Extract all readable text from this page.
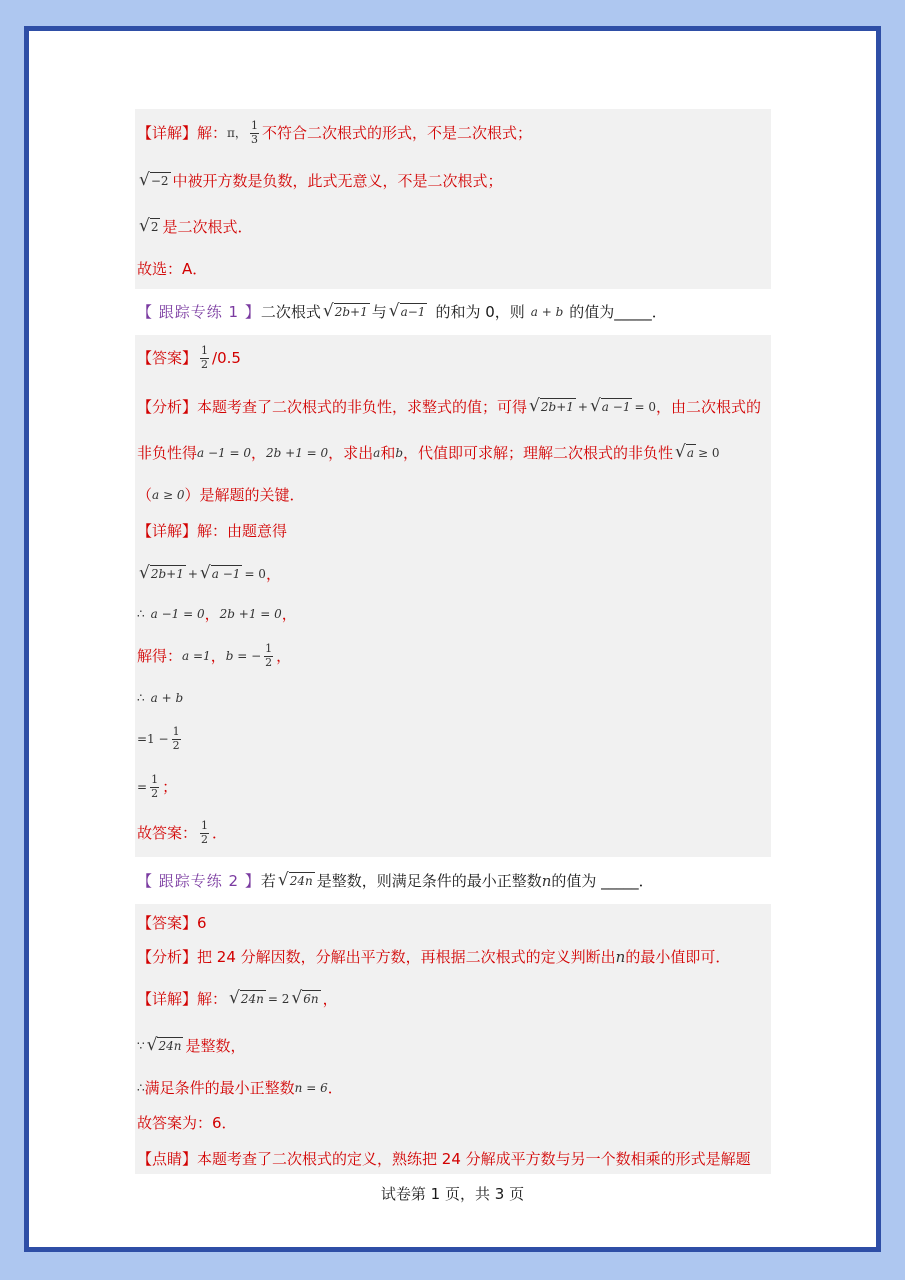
【详解】 解： π ， $\frac{1}{3}$ 不符合二次根式的形式，不是二次根式；
√ −2 中被开方数是负数，此式无意义，不是二次根式；
√ 2 是二次根式．
故选：A．
【 跟踪专练 1 】 二次根式 √ 2b+1 与 √ a−1 的和为 0，则 a + b 的值为_____．
【答案】 $\frac{1}{2} /0.5$
【分析】 本题考查了二次根式的非负性，求整式的值；可得 √ 2b+1 + √ a −1 = 0 ，由二次根式的
非负性得 a −1 = 0 ， 2b +1 = 0 ，求出 a 和 b ，代值即可求解；理解二次根式的非负性 √ a ≥ 0
（ a ≥ 0 ）是解题的关键．
【详解】 解：由题意得
√ 2b+1 + √ a −1 = 0 ，
∴ a −1 = 0 ， 2b +1 = 0 ，
解得： a =1 ， b = − $\frac{1}{2}$ ，
∴ a + b
$=1 - \frac{1}{2}$
= $\frac{1}{2}$ ；
故答案： $\frac{1}{2}$ ．
【 跟踪专练 2 】 若 √ 24n 是整数，则满足条件的最小正整数 n 的值为 _____．
【答案】 6
【分析】 把 24 分解因数，分解出平方数，再根据二次根式的定义判断出 n 的最小值即可．
【详解】 解： √ 24n = 2 √ 6n ，
∵ √ 24n 是整数，
∴ 满足条件的最小正整数 n = 6 ．
故答案为：6．
【点睛】 本题考查了二次根式的定义，熟练把 24 分解成平方数与另一个数相乘的形式是解题
试卷第 1 页，共 3 页
